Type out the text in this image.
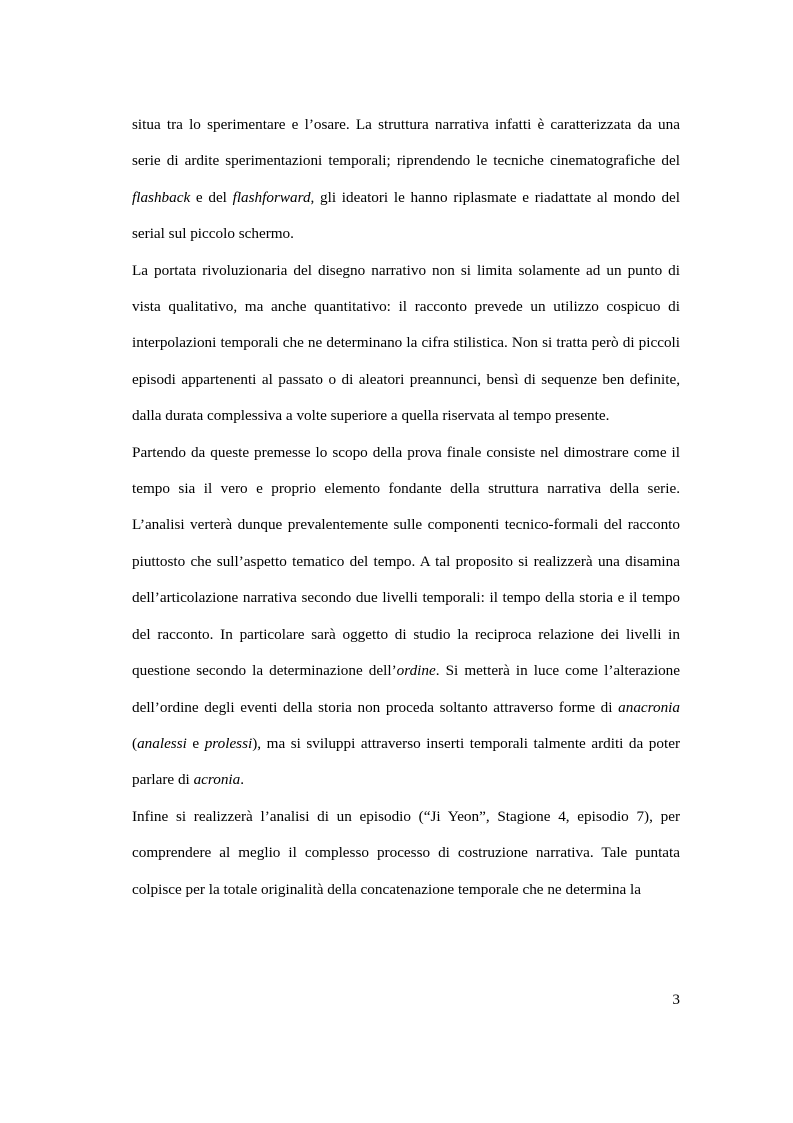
situa tra lo sperimentare e l’osare. La struttura narrativa infatti è caratterizzata da una serie di ardite sperimentazioni temporali; riprendendo le tecniche cinematografiche del flashback e del flashforward, gli ideatori le hanno riplasmate e riadattate al mondo del serial sul piccolo schermo.

La portata rivoluzionaria del disegno narrativo non si limita solamente ad un punto di vista qualitativo, ma anche quantitativo: il racconto prevede un utilizzo cospicuo di interpolazioni temporali che ne determinano la cifra stilistica. Non si tratta però di piccoli episodi appartenenti al passato o di aleatori preannunci, bensì di sequenze ben definite, dalla durata complessiva a volte superiore a quella riservata al tempo presente.

Partendo da queste premesse lo scopo della prova finale consiste nel dimostrare come il tempo sia il vero e proprio elemento fondante della struttura narrativa della serie. L’analisi verterà dunque prevalentemente sulle componenti tecnico-formali del racconto piuttosto che sull’aspetto tematico del tempo. A tal proposito si realizzerà una disamina dell’articolazione narrativa secondo due livelli temporali: il tempo della storia e il tempo del racconto. In particolare sarà oggetto di studio la reciproca relazione dei livelli in questione secondo la determinazione dell’ordine. Si metterà in luce come l’alterazione dell’ordine degli eventi della storia non proceda soltanto attraverso forme di anacronia (analessi e prolessi), ma si sviluppi attraverso inserti temporali talmente arditi da poter parlare di acronia.

Infine si realizzerà l’analisi di un episodio (“Ji Yeon”, Stagione 4, episodio 7), per comprendere al meglio il complesso processo di costruzione narrativa. Tale puntata colpisce per la totale originalità della concatenazione temporale che ne determina la

3
